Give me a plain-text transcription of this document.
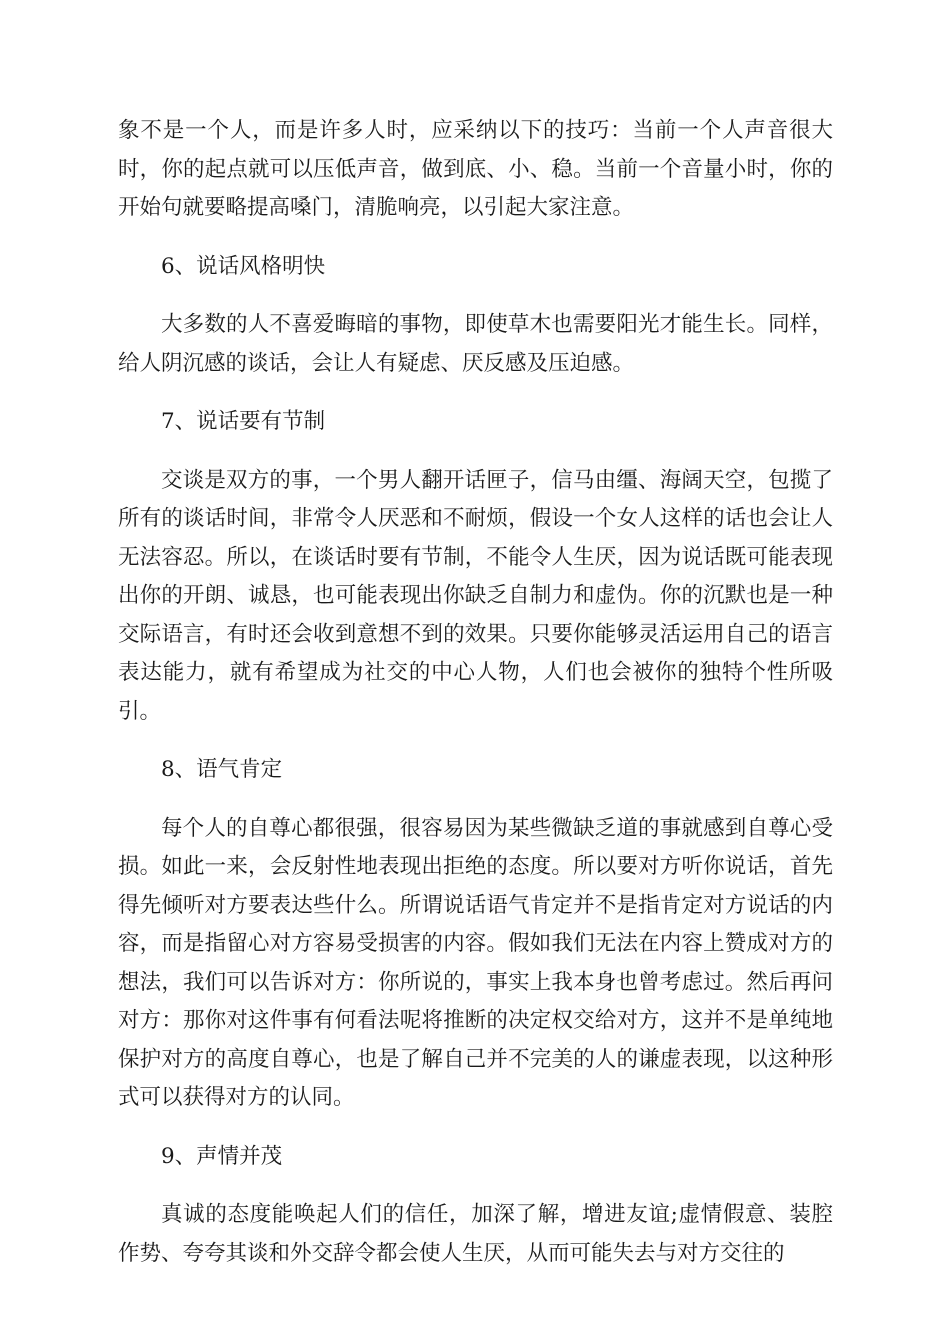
象不是一个人，而是许多人时，应采纳以下的技巧：当前一个人声音很大时，你的起点就可以压低声音，做到底、小、稳。当前一个音量小时，你的开始句就要略提高嗓门，清脆响亮，以引起大家注意。

6、说话风格明快

大多数的人不喜爱晦暗的事物，即使草木也需要阳光才能生长。同样，给人阴沉感的谈话，会让人有疑虑、厌反感及压迫感。

7、说话要有节制

交谈是双方的事，一个男人翻开话匣子，信马由缰、海阔天空，包揽了所有的谈话时间，非常令人厌恶和不耐烦，假设一个女人这样的话也会让人无法容忍。所以，在谈话时要有节制，不能令人生厌，因为说话既可能表现出你的开朗、诚恳，也可能表现出你缺乏自制力和虚伪。你的沉默也是一种交际语言，有时还会收到意想不到的效果。只要你能够灵活运用自己的语言表达能力，就有希望成为社交的中心人物，人们也会被你的独特个性所吸引。

8、语气肯定

每个人的自尊心都很强，很容易因为某些微缺乏道的事就感到自尊心受损。如此一来，会反射性地表现出拒绝的态度。所以要对方听你说话，首先得先倾听对方要表达些什么。所谓说话语气肯定并不是指肯定对方说话的内容，而是指留心对方容易受损害的内容。假如我们无法在内容上赞成对方的想法，我们可以告诉对方：你所说的，事实上我本身也曾考虑过。然后再问对方：那你对这件事有何看法呢将推断的决定权交给对方，这并不是单纯地保护对方的高度自尊心，也是了解自己并不完美的人的谦虚表现，以这种形式可以获得对方的认同。

9、声情并茂

真诚的态度能唤起人们的信任，加深了解，增进友谊;虚情假意、装腔作势、夸夸其谈和外交辞令都会使人生厌，从而可能失去与对方交往的
